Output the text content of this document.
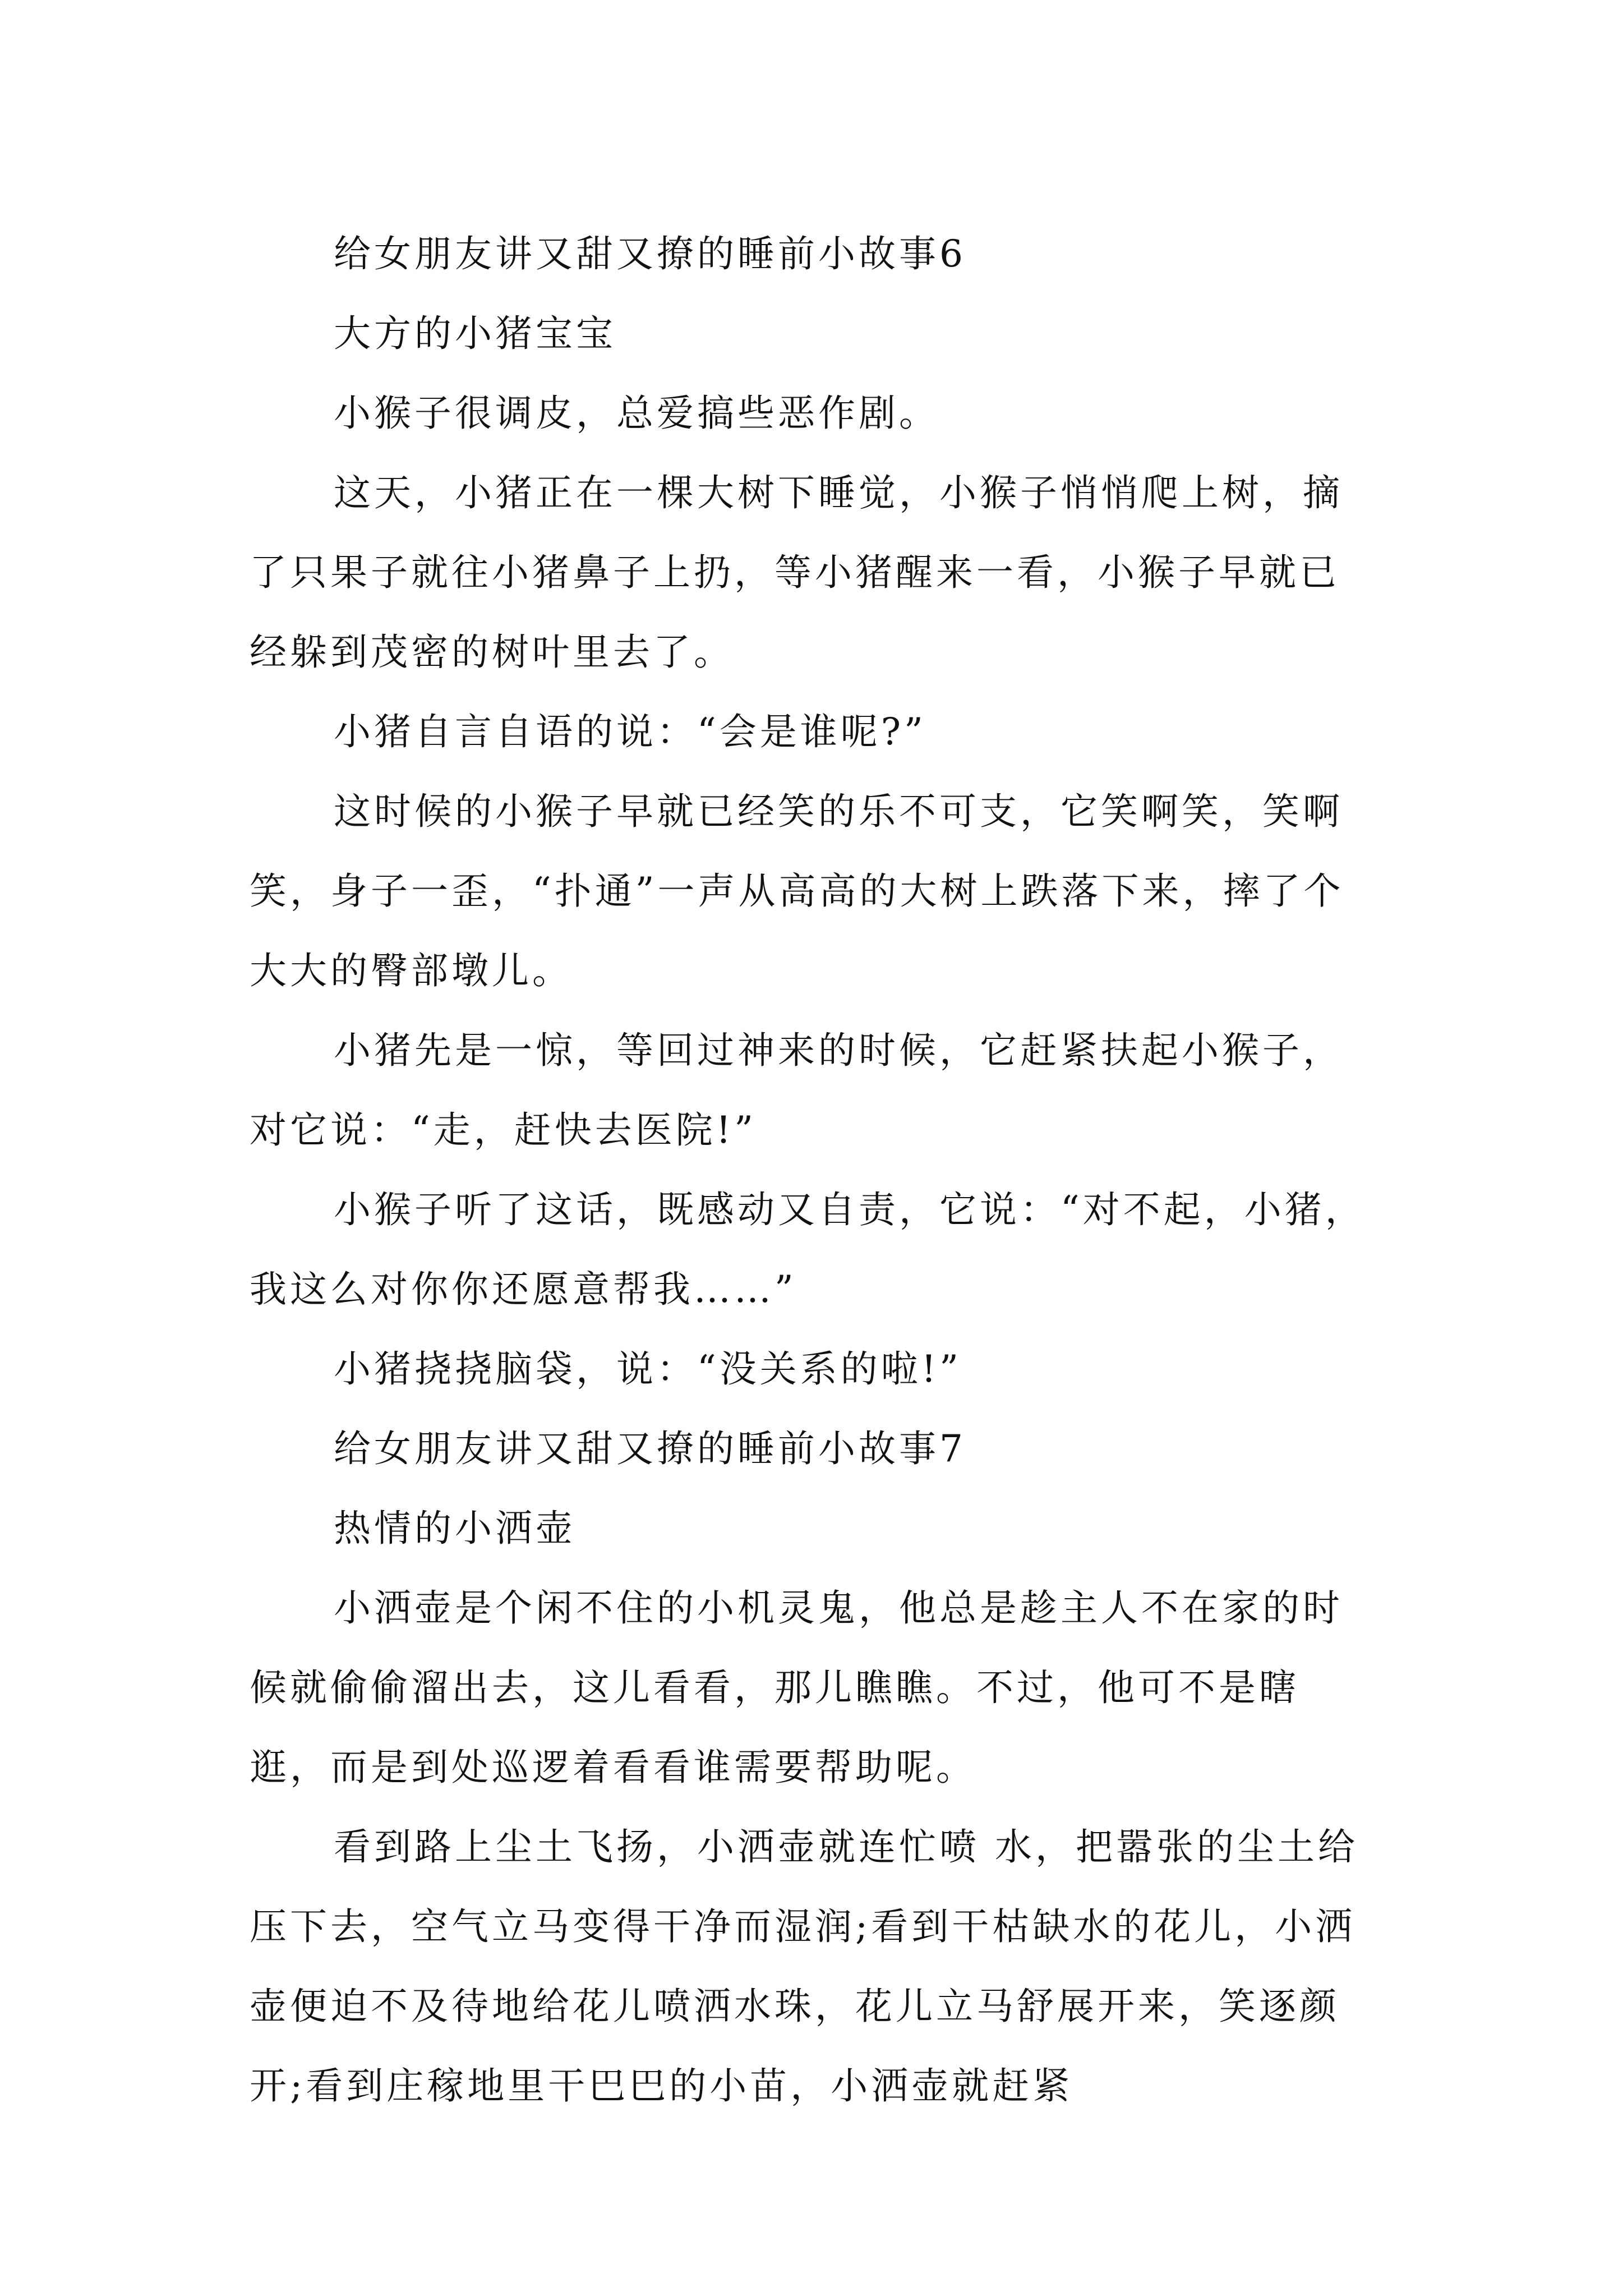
给女朋友讲又甜又撩的睡前小故事6

大方的小猪宝宝

小猴子很调皮，总爱搞些恶作剧。

这天，小猪正在一棵大树下睡觉，小猴子悄悄爬上树，摘了只果子就往小猪鼻子上扔，等小猪醒来一看，小猴子早就已经躲到茂密的树叶里去了。

小猪自言自语的说：“会是谁呢?”

这时候的小猴子早就已经笑的乐不可支，它笑啊笑，笑啊笑，身子一歪，“扑通”一声从高高的大树上跌落下来，摔了个大大的臀部墩儿。

小猪先是一惊，等回过神来的时候，它赶紧扶起小猴子，对它说：“走，赶快去医院!”

小猴子听了这话，既感动又自责，它说：“对不起，小猪，我这么对你你还愿意帮我……”

小猪挠挠脑袋，说：“没关系的啦!”

给女朋友讲又甜又撩的睡前小故事7

热情的小洒壶

小洒壶是个闲不住的小机灵鬼，他总是趁主人不在家的时候就偷偷溜出去，这儿看看，那儿瞧瞧。不过，他可不是瞎逛，而是到处巡逻着看看谁需要帮助呢。

看到路上尘土飞扬，小洒壶就连忙喷 水，把嚣张的尘土给压下去，空气立马变得干净而湿润;看到干枯缺水的花儿，小洒壶便迫不及待地给花儿喷洒水珠，花儿立马舒展开来，笑逐颜开;看到庄稼地里干巴巴的小苗，小洒壶就赶紧
